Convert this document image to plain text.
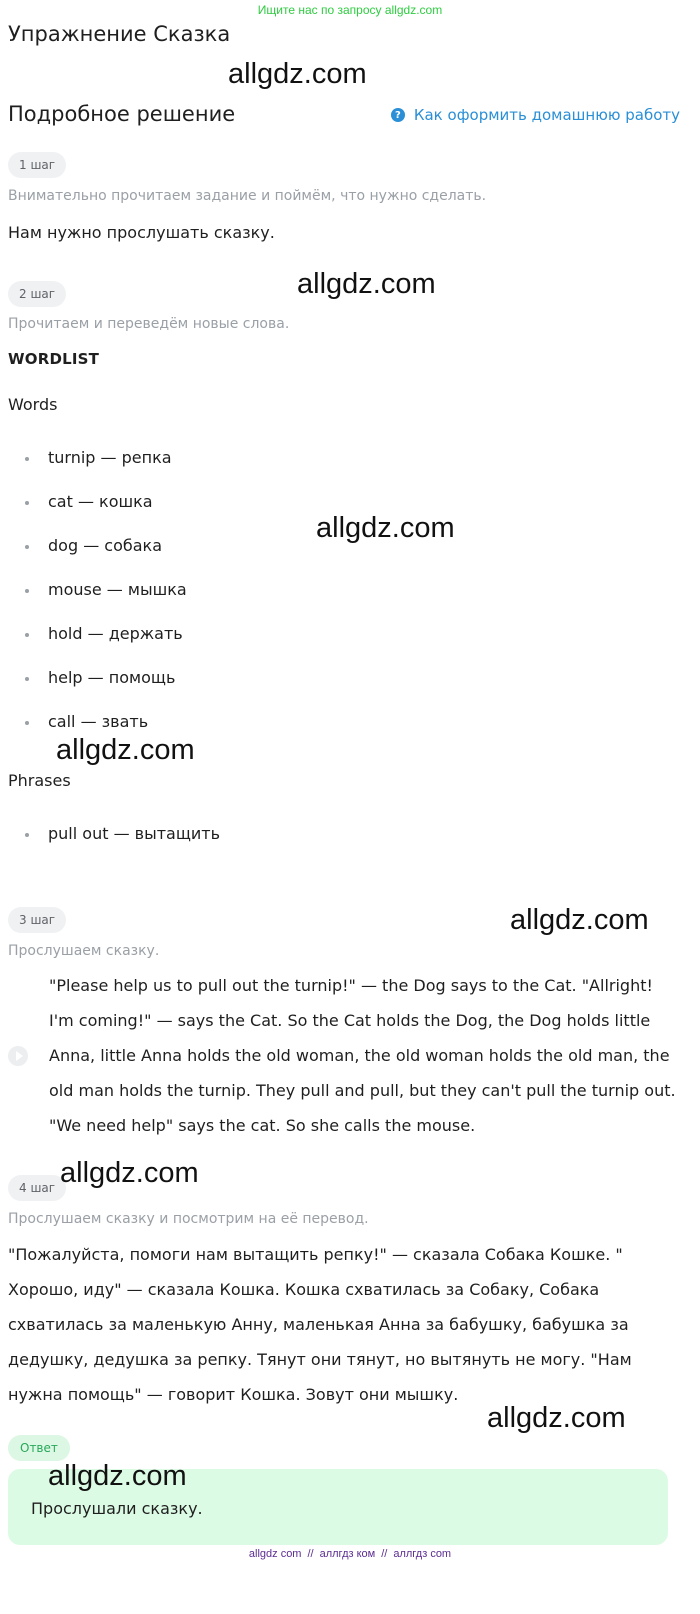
Ищите нас по запросу allgdz.com
Упражнение Сказка
allgdz.com
Подробное решение	? Как оформить домашнюю работу
1 шаг
Внимательно прочитаем задание и поймём, что нужно сделать.
Нам нужно прослушать сказку.
allgdz.com
2 шаг
Прочитаем и переведём новые слова.
WORDLIST
Words
turnip — репка
cat — кошка
dog — собака
mouse — мышка
hold — держать
help — помощь
call — звать
allgdz.com
allgdz.com
Phrases
pull out — вытащить
3 шаг	allgdz.com
Прослушаем сказку.
"Please help us to pull out the turnip!" — the Dog says to the Cat. "Allright! I'm coming!" — says the Cat. So the Cat holds the Dog, the Dog holds little Anna, little Anna holds the old woman, the old woman holds the old man, the old man holds the turnip. They pull and pull, but they can't pull the turnip out. "We need help" says the cat. So she calls the mouse.
4 шаг allgdz.com
Прослушаем сказку и посмотрим на её перевод.
"Пожалуйста, помоги нам вытащить репку!" — сказала Собака Кошке. " Хорошо, иду" — сказала Кошка. Кошка схватилась за Собаку, Собака схватилась за маленькую Анну, маленькая Анна за бабушку, бабушка за дедушку, дедушка за репку. Тянут они тянут, но вытянуть не могу. "Нам нужна помощь" — говорит Кошка. Зовут они мышку.
allgdz.com
Ответ
Прослушали сказку.
allgdz.com
allgdz com // аллгдз ком // аллгдз com
